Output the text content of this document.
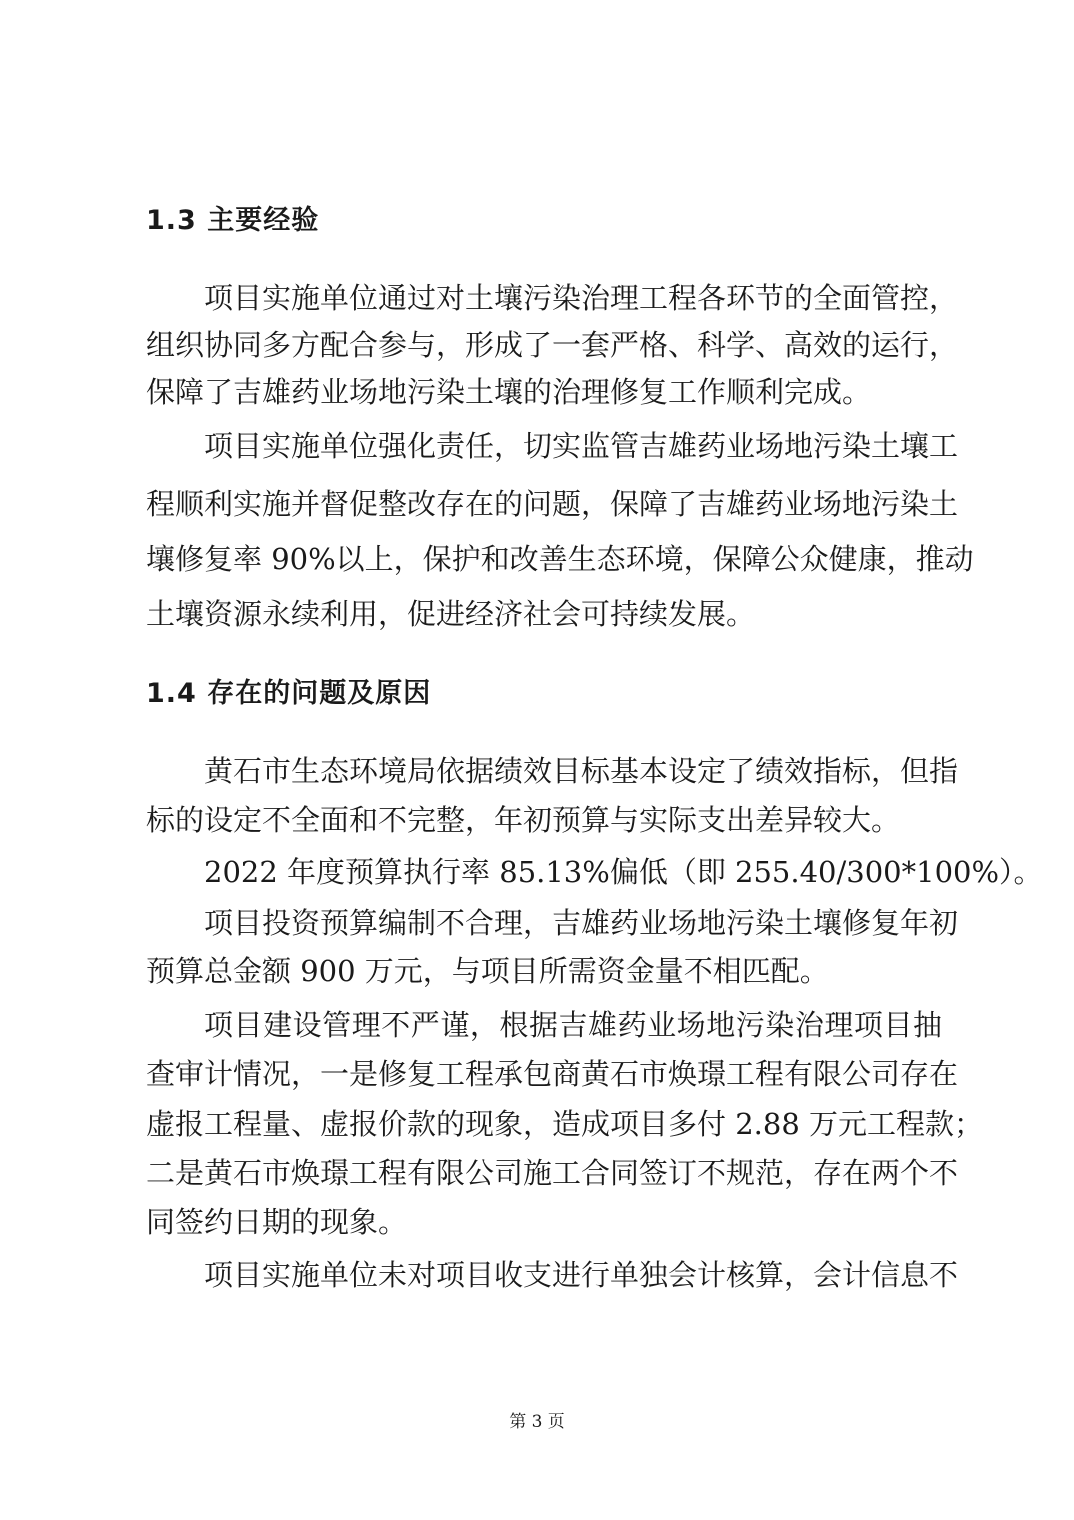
1.3 主要经验
项目实施单位通过对土壤污染治理工程各环节的全面管控，
组织协同多方配合参与，形成了一套严格、科学、高效的运行，
保障了吉雄药业场地污染土壤的治理修复工作顺利完成。
项目实施单位强化责任，切实监管吉雄药业场地污染土壤工
程顺利实施并督促整改存在的问题，保障了吉雄药业场地污染土
壤修复率 90%以上，保护和改善生态环境，保障公众健康，推动
土壤资源永续利用，促进经济社会可持续发展。
1.4 存在的问题及原因
黄石市生态环境局依据绩效目标基本设定了绩效指标，但指
标的设定不全面和不完整，年初预算与实际支出差异较大。
2022 年度预算执行率 85.13%偏低（即 255.40/300*100%）。
项目投资预算编制不合理，吉雄药业场地污染土壤修复年初
预算总金额 900 万元，与项目所需资金量不相匹配。
项目建设管理不严谨，根据吉雄药业场地污染治理项目抽
查审计情况，一是修复工程承包商黄石市焕璟工程有限公司存在
虚报工程量、虚报价款的现象，造成项目多付 2.88 万元工程款；
二是黄石市焕璟工程有限公司施工合同签订不规范，存在两个不
同签约日期的现象。
项目实施单位未对项目收支进行单独会计核算，会计信息不
第 3 页
